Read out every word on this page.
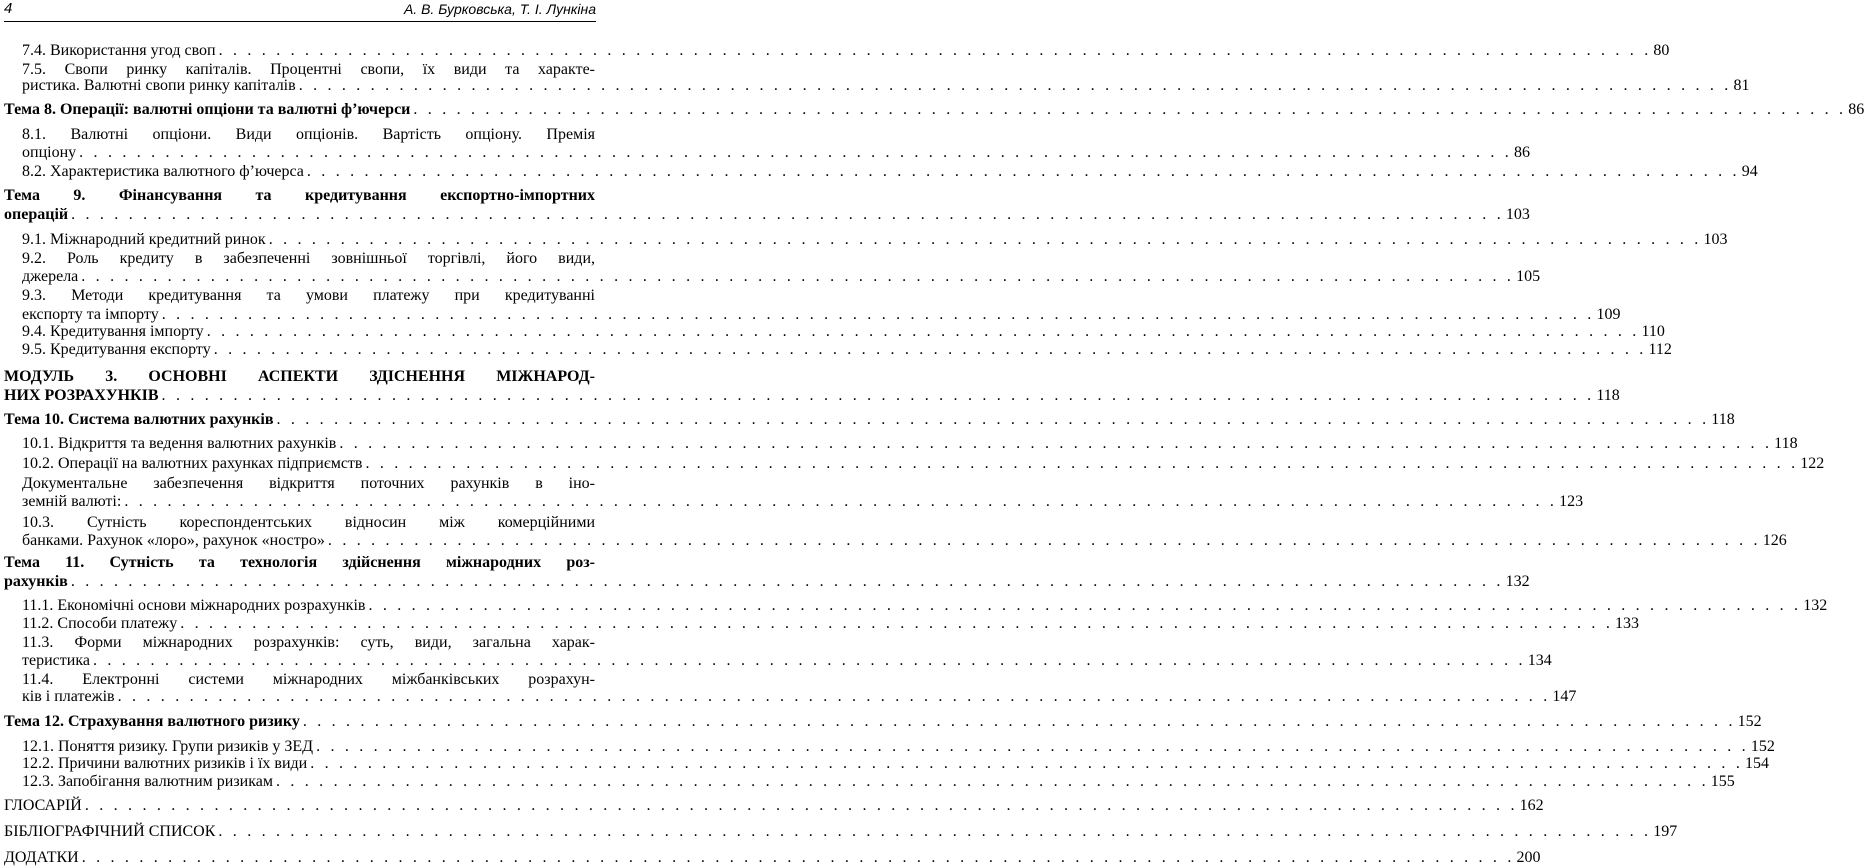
4	А. В. Бурковська, Т. І. Лункіна
7.4. Використання угод своп . . . . . . . . . . . . . . . . . . . . . . . . . . . . . . . . . . . . . . . . . . . . . . . . . . . . . . . . . . . . . . . . . . . . . . . . . . . . . . . . . . . . . . . . . . . . . . . . . . . . 80
7.5. Свопи ринку капіталів. Процентні свопи, їх види та характе-
ристика. Валютні свопи ринку капіталів . . . . . . . . . . . . . . . . . . . . . . . . . . . . . . . . . . . . . . . . . . . . . . . . . . . . . . . . . . . . . . . . . . . . . . . . . . . . . . . . . . . . . . . . . . . . . . . . . . . . 81
Тема 8. Операції: валютні опціони та валютні ф’ючерси . . . . . . . . . . . . . . . . . . . . . . . . . . . . . . . . . . . . . . . . . . . . . . . . . . . . . . . . . . . . . . . . . . . . . . . . . . . . . . . . . . . . . . . . . . . . . . . . . . . . 86
8.1. Валютні опціони. Види опціонів. Вартість опціону. Премія
опціону . . . . . . . . . . . . . . . . . . . . . . . . . . . . . . . . . . . . . . . . . . . . . . . . . . . . . . . . . . . . . . . . . . . . . . . . . . . . . . . . . . . . . . . . . . . . . . . . . . . . 86
8.2. Характеристика валютного ф’ючерса . . . . . . . . . . . . . . . . . . . . . . . . . . . . . . . . . . . . . . . . . . . . . . . . . . . . . . . . . . . . . . . . . . . . . . . . . . . . . . . . . . . . . . . . . . . . . . . . . . . . 94
Тема 9. Фінансування та кредитування експортно-імпортних
операцій . . . . . . . . . . . . . . . . . . . . . . . . . . . . . . . . . . . . . . . . . . . . . . . . . . . . . . . . . . . . . . . . . . . . . . . . . . . . . . . . . . . . . . . . . . . . . . . . . . . . 103
9.1. Міжнародний кредитний ринок . . . . . . . . . . . . . . . . . . . . . . . . . . . . . . . . . . . . . . . . . . . . . . . . . . . . . . . . . . . . . . . . . . . . . . . . . . . . . . . . . . . . . . . . . . . . . . . . . . . . 103
9.2. Роль кредиту в забезпеченні зовнішньої торгівлі, його види,
джерела . . . . . . . . . . . . . . . . . . . . . . . . . . . . . . . . . . . . . . . . . . . . . . . . . . . . . . . . . . . . . . . . . . . . . . . . . . . . . . . . . . . . . . . . . . . . . . . . . . . . 105
9.3. Методи кредитування та умови платежу при кредитуванні
експорту та імпорту . . . . . . . . . . . . . . . . . . . . . . . . . . . . . . . . . . . . . . . . . . . . . . . . . . . . . . . . . . . . . . . . . . . . . . . . . . . . . . . . . . . . . . . . . . . . . . . . . . . . 109
9.4. Кредитування імпорту . . . . . . . . . . . . . . . . . . . . . . . . . . . . . . . . . . . . . . . . . . . . . . . . . . . . . . . . . . . . . . . . . . . . . . . . . . . . . . . . . . . . . . . . . . . . . . . . . . . . 110
9.5. Кредитування експорту . . . . . . . . . . . . . . . . . . . . . . . . . . . . . . . . . . . . . . . . . . . . . . . . . . . . . . . . . . . . . . . . . . . . . . . . . . . . . . . . . . . . . . . . . . . . . . . . . . . . 112
МОДУЛЬ 3. ОСНОВНІ АСПЕКТИ ЗДІСНЕННЯ МІЖНАРОД-
НИХ РОЗРАХУНКІВ . . . . . . . . . . . . . . . . . . . . . . . . . . . . . . . . . . . . . . . . . . . . . . . . . . . . . . . . . . . . . . . . . . . . . . . . . . . . . . . . . . . . . . . . . . . . . . . . . . . . 118
Тема 10. Система валютних рахунків . . . . . . . . . . . . . . . . . . . . . . . . . . . . . . . . . . . . . . . . . . . . . . . . . . . . . . . . . . . . . . . . . . . . . . . . . . . . . . . . . . . . . . . . . . . . . . . . . . . . 118
10.1. Відкриття та ведення валютних рахунків . . . . . . . . . . . . . . . . . . . . . . . . . . . . . . . . . . . . . . . . . . . . . . . . . . . . . . . . . . . . . . . . . . . . . . . . . . . . . . . . . . . . . . . . . . . . . . . . . . . . 118
10.2. Операції на валютних рахунках підприємств . . . . . . . . . . . . . . . . . . . . . . . . . . . . . . . . . . . . . . . . . . . . . . . . . . . . . . . . . . . . . . . . . . . . . . . . . . . . . . . . . . . . . . . . . . . . . . . . . . . . 122
Документальне забезпечення відкриття поточних рахунків в іно-
земній валюті: . . . . . . . . . . . . . . . . . . . . . . . . . . . . . . . . . . . . . . . . . . . . . . . . . . . . . . . . . . . . . . . . . . . . . . . . . . . . . . . . . . . . . . . . . . . . . . . . . . . . 123
10.3. Сутність кореспондентських відносин між комерційними
банками. Рахунок «лоро», рахунок «ностро» . . . . . . . . . . . . . . . . . . . . . . . . . . . . . . . . . . . . . . . . . . . . . . . . . . . . . . . . . . . . . . . . . . . . . . . . . . . . . . . . . . . . . . . . . . . . . . . . . . . . 126
Тема 11. Сутність та технологія здійснення міжнародних роз-
рахунків . . . . . . . . . . . . . . . . . . . . . . . . . . . . . . . . . . . . . . . . . . . . . . . . . . . . . . . . . . . . . . . . . . . . . . . . . . . . . . . . . . . . . . . . . . . . . . . . . . . . 132
11.1. Економічні основи міжнародних розрахунків . . . . . . . . . . . . . . . . . . . . . . . . . . . . . . . . . . . . . . . . . . . . . . . . . . . . . . . . . . . . . . . . . . . . . . . . . . . . . . . . . . . . . . . . . . . . . . . . . . . . 132
11.2. Способи платежу . . . . . . . . . . . . . . . . . . . . . . . . . . . . . . . . . . . . . . . . . . . . . . . . . . . . . . . . . . . . . . . . . . . . . . . . . . . . . . . . . . . . . . . . . . . . . . . . . . . . 133
11.3. Форми міжнародних розрахунків: суть, види, загальна харак-
теристика . . . . . . . . . . . . . . . . . . . . . . . . . . . . . . . . . . . . . . . . . . . . . . . . . . . . . . . . . . . . . . . . . . . . . . . . . . . . . . . . . . . . . . . . . . . . . . . . . . . . 134
11.4. Електронні системи міжнародних міжбанківських розрахун-
ків і платежів . . . . . . . . . . . . . . . . . . . . . . . . . . . . . . . . . . . . . . . . . . . . . . . . . . . . . . . . . . . . . . . . . . . . . . . . . . . . . . . . . . . . . . . . . . . . . . . . . . . . 147
Тема 12. Страхування валютного ризику . . . . . . . . . . . . . . . . . . . . . . . . . . . . . . . . . . . . . . . . . . . . . . . . . . . . . . . . . . . . . . . . . . . . . . . . . . . . . . . . . . . . . . . . . . . . . . . . . . . . 152
12.1. Поняття ризику. Групи ризиків у ЗЕД . . . . . . . . . . . . . . . . . . . . . . . . . . . . . . . . . . . . . . . . . . . . . . . . . . . . . . . . . . . . . . . . . . . . . . . . . . . . . . . . . . . . . . . . . . . . . . . . . . . . 152
12.2. Причини валютних ризиків і їх види . . . . . . . . . . . . . . . . . . . . . . . . . . . . . . . . . . . . . . . . . . . . . . . . . . . . . . . . . . . . . . . . . . . . . . . . . . . . . . . . . . . . . . . . . . . . . . . . . . . . 154
12.3. Запобігання валютним ризикам . . . . . . . . . . . . . . . . . . . . . . . . . . . . . . . . . . . . . . . . . . . . . . . . . . . . . . . . . . . . . . . . . . . . . . . . . . . . . . . . . . . . . . . . . . . . . . . . . . . . 155
ГЛОСАРІЙ . . . . . . . . . . . . . . . . . . . . . . . . . . . . . . . . . . . . . . . . . . . . . . . . . . . . . . . . . . . . . . . . . . . . . . . . . . . . . . . . . . . . . . . . . . . . . . . . . . . . 162
БІБЛІОГРАФІЧНИЙ СПИСОК . . . . . . . . . . . . . . . . . . . . . . . . . . . . . . . . . . . . . . . . . . . . . . . . . . . . . . . . . . . . . . . . . . . . . . . . . . . . . . . . . . . . . . . . . . . . . . . . . . . . 197
ДОДАТКИ . . . . . . . . . . . . . . . . . . . . . . . . . . . . . . . . . . . . . . . . . . . . . . . . . . . . . . . . . . . . . . . . . . . . . . . . . . . . . . . . . . . . . . . . . . . . . . . . . . . . 200
